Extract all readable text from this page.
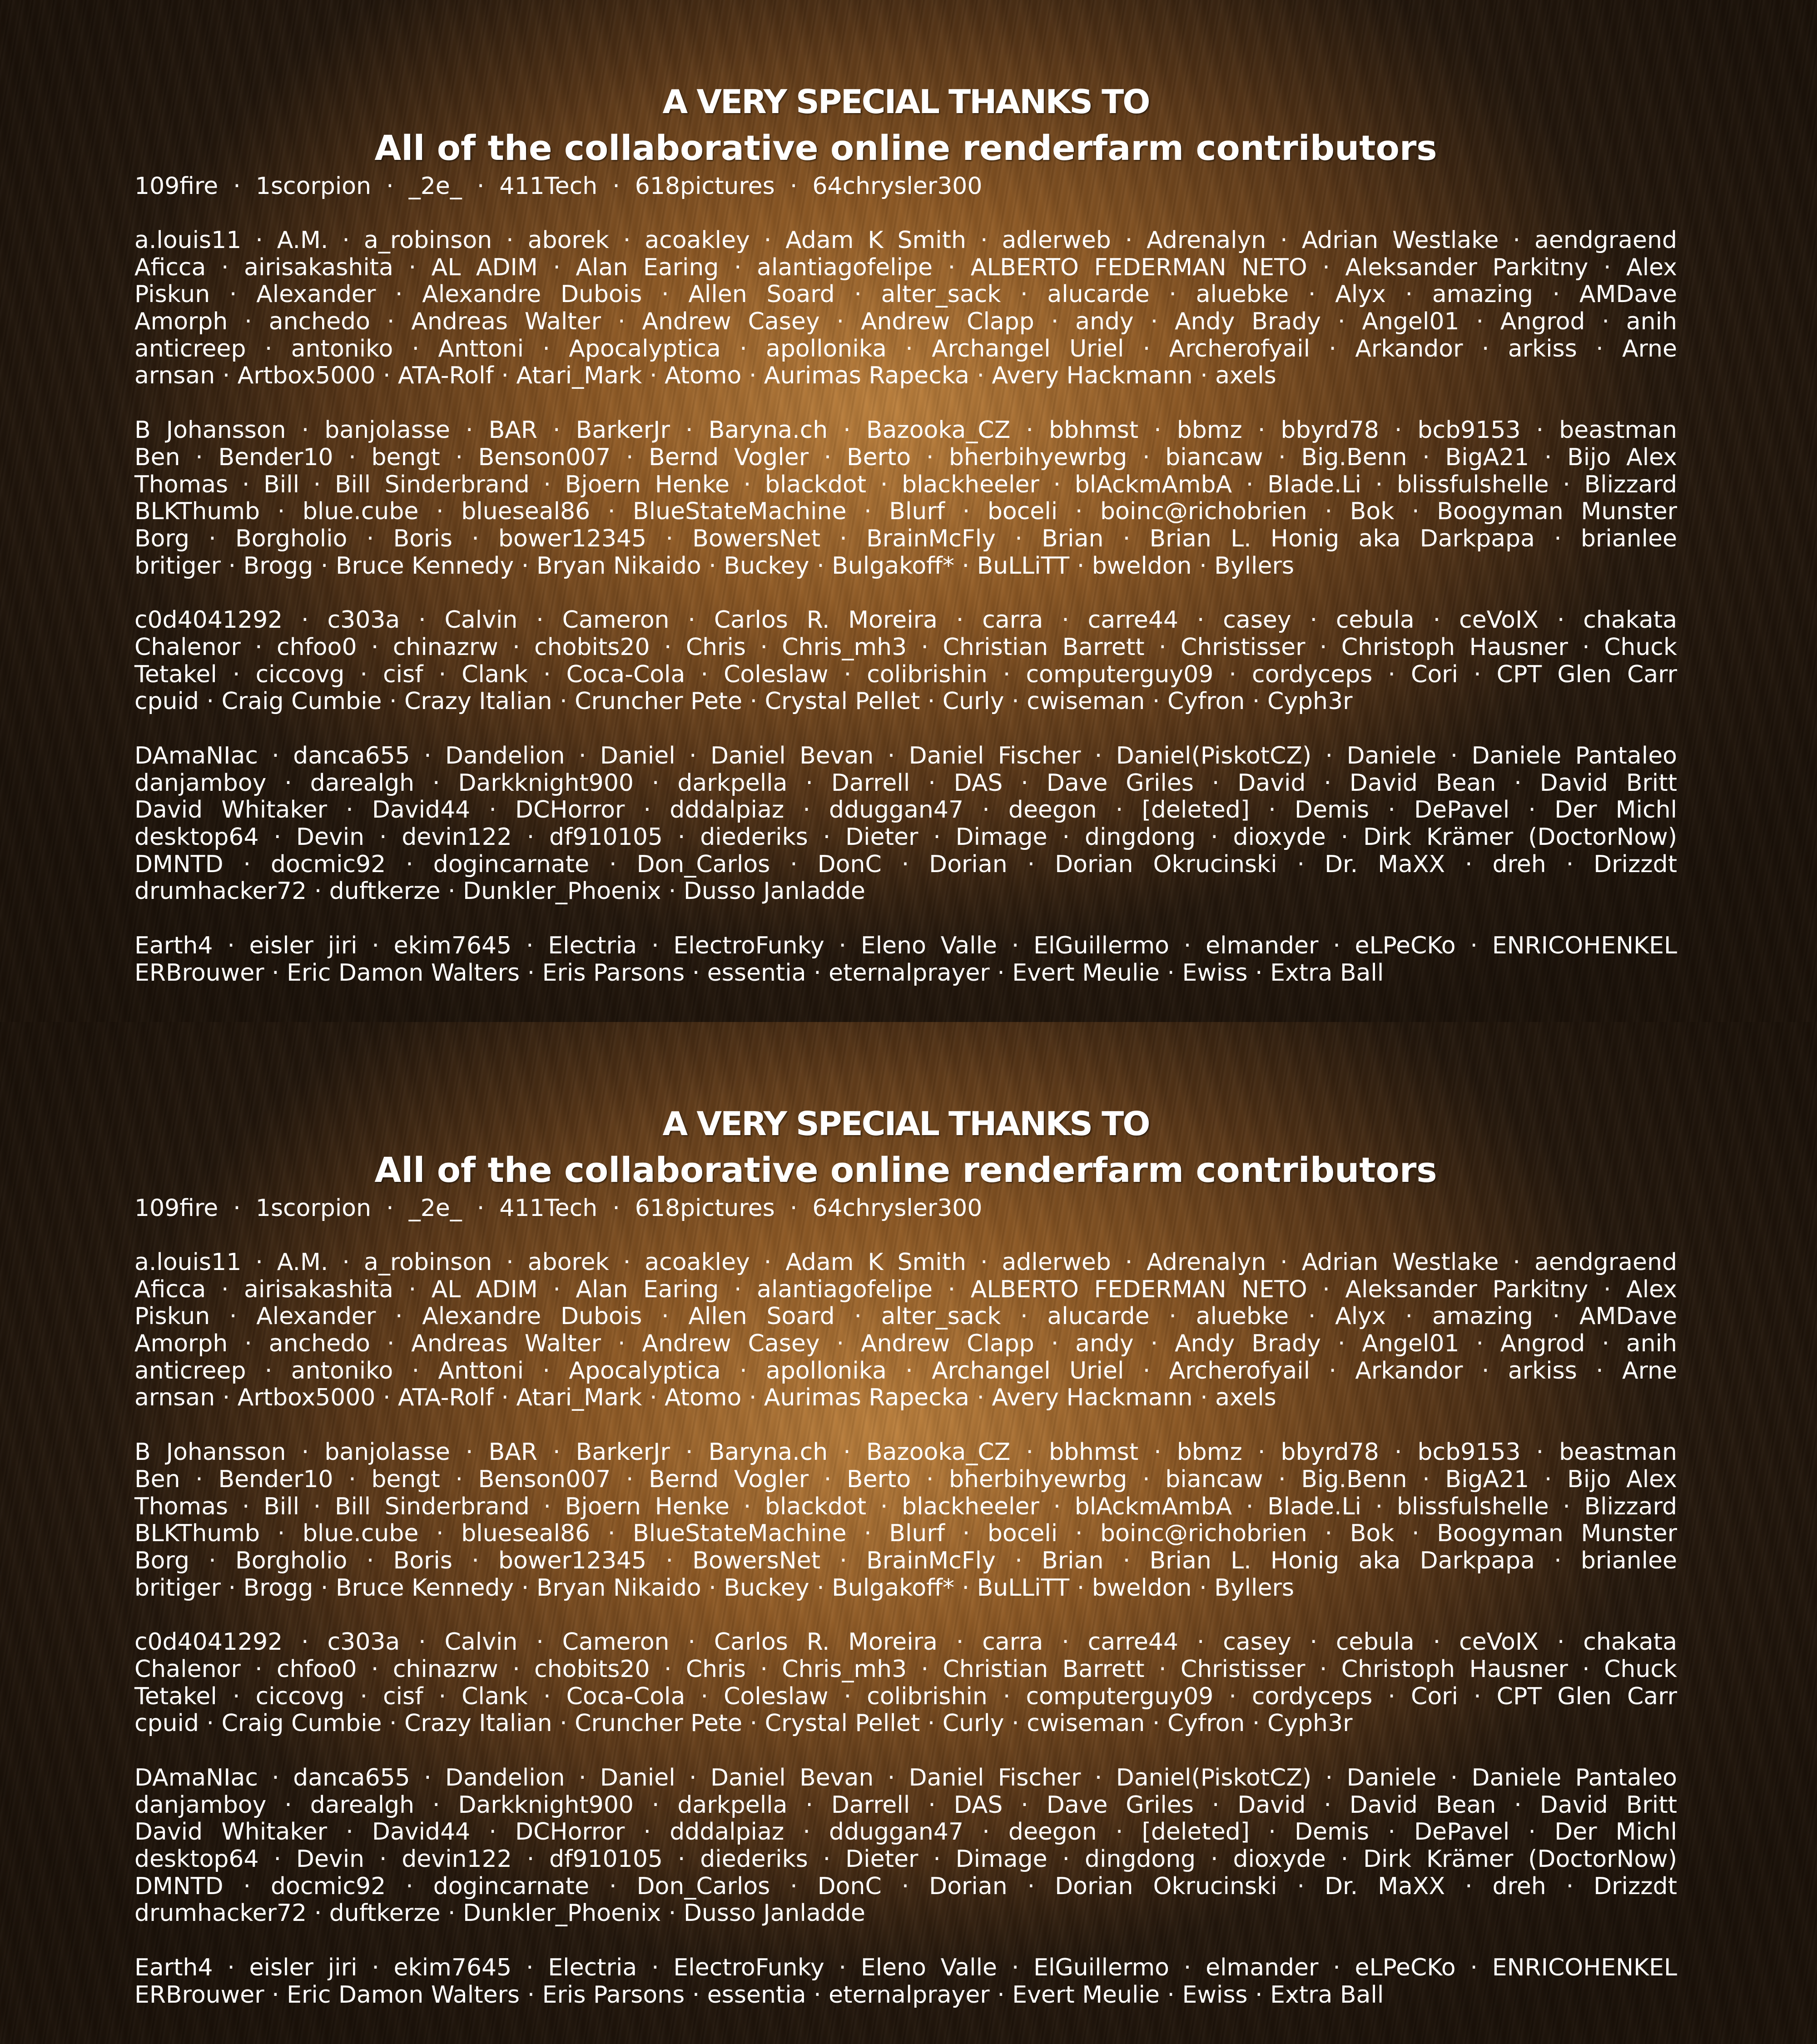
A VERY SPECIAL THANKS TO
All of the collaborative online renderfarm contributors
109fire  ·  1scorpion  ·  _2e_  ·  411Tech  ·  618pictures  ·  64chrysler300
a.louis11 · A.M. · a_robinson · aborek · acoakley · Adam K Smith · adlerweb · Adrenalyn · Adrian Westlake · aendgraend
Aficca · airisakashita · AL ADIM · Alan Earing · alantiagofelipe · ALBERTO FEDERMAN NETO · Aleksander Parkitny · Alex
Piskun · Alexander · Alexandre Dubois · Allen Soard · alter_sack · alucarde · aluebke · Alyx · amazing · AMDave
Amorph · anchedo · Andreas Walter · Andrew Casey · Andrew Clapp · andy · Andy Brady · Angel01 · Angrod · anih
anticreep · antoniko · Anttoni · Apocalyptica · apollonika · Archangel Uriel · Archerofyail · Arkandor · arkiss · Arne
arnsan · Artbox5000 · ATA-Rolf · Atari_Mark · Atomo · Aurimas Rapecka · Avery Hackmann · axels
B Johansson · banjolasse · BAR · BarkerJr · Baryna.ch · Bazooka_CZ · bbhmst · bbmz · bbyrd78 · bcb9153 · beastman
Ben · Bender10 · bengt · Benson007 · Bernd Vogler · Berto · bherbihyewrbg · biancaw · Big.Benn · BigA21 · Bijo Alex
Thomas · Bill · Bill Sinderbrand · Bjoern Henke · blackdot · blackheeler · blAckmAmbA · Blade.Li · blissfulshelle · Blizzard
BLKThumb · blue.cube · blueseal86 · BlueStateMachine · Blurf · boceli · boinc@richobrien · Bok · Boogyman Munster
Borg · Borgholio · Boris · bower12345 · BowersNet · BrainMcFly · Brian · Brian L. Honig aka Darkpapa · brianlee
britiger · Brogg · Bruce Kennedy · Bryan Nikaido · Buckey · Bulgakoff* · BuLLiTT · bweldon · Byllers
c0d4041292 · c303a · Calvin · Cameron · Carlos R. Moreira · carra · carre44 · casey · cebula · ceVoIX · chakata
Chalenor · chfoo0 · chinazrw · chobits20 · Chris · Chris_mh3 · Christian Barrett · Christisser · Christoph Hausner · Chuck
Tetakel · ciccovg · cisf · Clank · Coca-Cola · Coleslaw · colibrishin · computerguy09 · cordyceps · Cori · CPT Glen Carr
cpuid · Craig Cumbie · Crazy Italian · Cruncher Pete · Crystal Pellet · Curly · cwiseman · Cyfron · Cyph3r
DAmaNIac · danca655 · Dandelion · Daniel · Daniel Bevan · Daniel Fischer · Daniel(PiskotCZ) · Daniele · Daniele Pantaleo
danjamboy · darealgh · Darkknight900 · darkpella · Darrell · DAS · Dave Griles · David · David Bean · David Britt
David Whitaker · David44 · DCHorror · dddalpiaz · dduggan47 · deegon · [deleted] · Demis · DePavel · Der Michl
desktop64 · Devin · devin122 · df910105 · diederiks · Dieter · Dimage · dingdong · dioxyde · Dirk Krämer (DoctorNow)
DMNTD · docmic92 · dogincarnate · Don_Carlos · DonC · Dorian · Dorian Okrucinski · Dr. MaXX · dreh · Drizzdt
drumhacker72 · duftkerze · Dunkler_Phoenix · Dusso Janladde
Earth4 · eisler jiri · ekim7645 · Electria · ElectroFunky · Eleno Valle · ElGuillermo · elmander · eLPeCKo · ENRICOHENKEL
ERBrouwer · Eric Damon Walters · Eris Parsons · essentia · eternalprayer · Evert Meulie · Ewiss · Extra Ball
A VERY SPECIAL THANKS TO
All of the collaborative online renderfarm contributors
109fire  ·  1scorpion  ·  _2e_  ·  411Tech  ·  618pictures  ·  64chrysler300
a.louis11 · A.M. · a_robinson · aborek · acoakley · Adam K Smith · adlerweb · Adrenalyn · Adrian Westlake · aendgraend
Aficca · airisakashita · AL ADIM · Alan Earing · alantiagofelipe · ALBERTO FEDERMAN NETO · Aleksander Parkitny · Alex
Piskun · Alexander · Alexandre Dubois · Allen Soard · alter_sack · alucarde · aluebke · Alyx · amazing · AMDave
Amorph · anchedo · Andreas Walter · Andrew Casey · Andrew Clapp · andy · Andy Brady · Angel01 · Angrod · anih
anticreep · antoniko · Anttoni · Apocalyptica · apollonika · Archangel Uriel · Archerofyail · Arkandor · arkiss · Arne
arnsan · Artbox5000 · ATA-Rolf · Atari_Mark · Atomo · Aurimas Rapecka · Avery Hackmann · axels
B Johansson · banjolasse · BAR · BarkerJr · Baryna.ch · Bazooka_CZ · bbhmst · bbmz · bbyrd78 · bcb9153 · beastman
Ben · Bender10 · bengt · Benson007 · Bernd Vogler · Berto · bherbihyewrbg · biancaw · Big.Benn · BigA21 · Bijo Alex
Thomas · Bill · Bill Sinderbrand · Bjoern Henke · blackdot · blackheeler · blAckmAmbA · Blade.Li · blissfulshelle · Blizzard
BLKThumb · blue.cube · blueseal86 · BlueStateMachine · Blurf · boceli · boinc@richobrien · Bok · Boogyman Munster
Borg · Borgholio · Boris · bower12345 · BowersNet · BrainMcFly · Brian · Brian L. Honig aka Darkpapa · brianlee
britiger · Brogg · Bruce Kennedy · Bryan Nikaido · Buckey · Bulgakoff* · BuLLiTT · bweldon · Byllers
c0d4041292 · c303a · Calvin · Cameron · Carlos R. Moreira · carra · carre44 · casey · cebula · ceVoIX · chakata
Chalenor · chfoo0 · chinazrw · chobits20 · Chris · Chris_mh3 · Christian Barrett · Christisser · Christoph Hausner · Chuck
Tetakel · ciccovg · cisf · Clank · Coca-Cola · Coleslaw · colibrishin · computerguy09 · cordyceps · Cori · CPT Glen Carr
cpuid · Craig Cumbie · Crazy Italian · Cruncher Pete · Crystal Pellet · Curly · cwiseman · Cyfron · Cyph3r
DAmaNIac · danca655 · Dandelion · Daniel · Daniel Bevan · Daniel Fischer · Daniel(PiskotCZ) · Daniele · Daniele Pantaleo
danjamboy · darealgh · Darkknight900 · darkpella · Darrell · DAS · Dave Griles · David · David Bean · David Britt
David Whitaker · David44 · DCHorror · dddalpiaz · dduggan47 · deegon · [deleted] · Demis · DePavel · Der Michl
desktop64 · Devin · devin122 · df910105 · diederiks · Dieter · Dimage · dingdong · dioxyde · Dirk Krämer (DoctorNow)
DMNTD · docmic92 · dogincarnate · Don_Carlos · DonC · Dorian · Dorian Okrucinski · Dr. MaXX · dreh · Drizzdt
drumhacker72 · duftkerze · Dunkler_Phoenix · Dusso Janladde
Earth4 · eisler jiri · ekim7645 · Electria · ElectroFunky · Eleno Valle · ElGuillermo · elmander · eLPeCKo · ENRICOHENKEL
ERBrouwer · Eric Damon Walters · Eris Parsons · essentia · eternalprayer · Evert Meulie · Ewiss · Extra Ball
